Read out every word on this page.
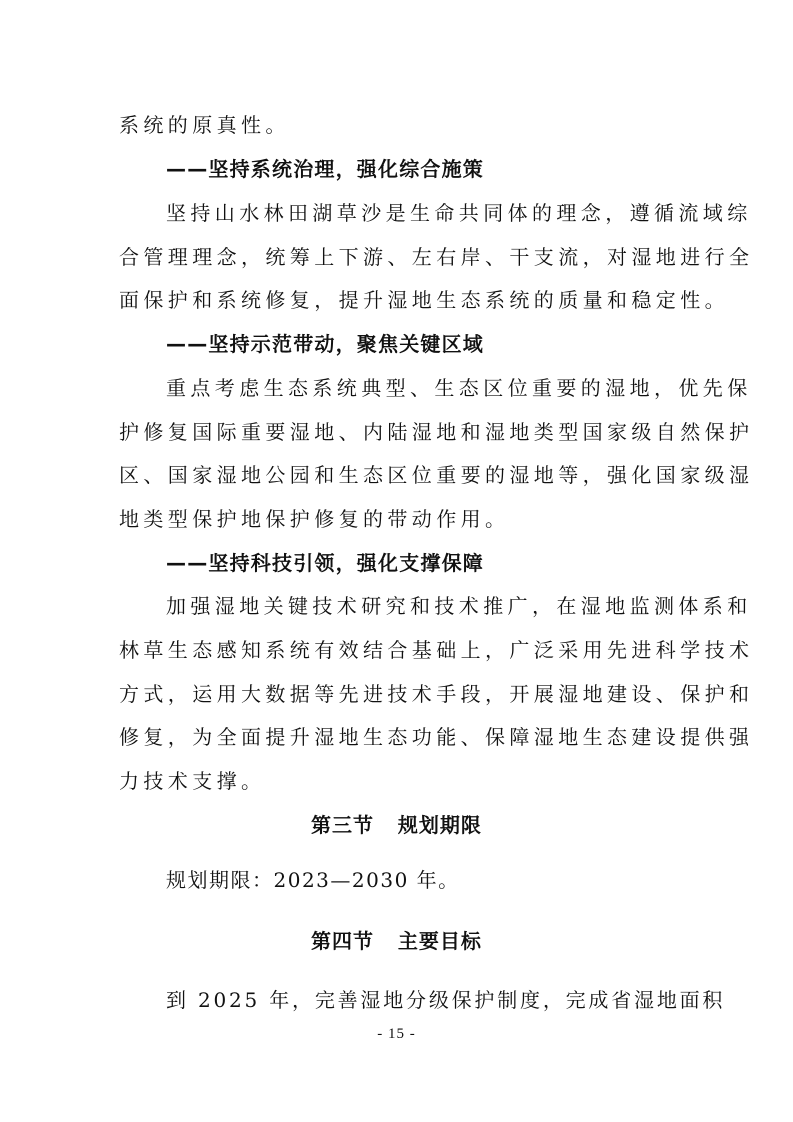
系统的原真性。
——坚持系统治理，强化综合施策
坚持山水林田湖草沙是生命共同体的理念，遵循流域综
合管理理念，统筹上下游、左右岸、干支流，对湿地进行全
面保护和系统修复，提升湿地生态系统的质量和稳定性。
——坚持示范带动，聚焦关键区域
重点考虑生态系统典型、生态区位重要的湿地，优先保
护修复国际重要湿地、内陆湿地和湿地类型国家级自然保护
区、国家湿地公园和生态区位重要的湿地等，强化国家级湿
地类型保护地保护修复的带动作用。
——坚持科技引领，强化支撑保障
加强湿地关键技术研究和技术推广，在湿地监测体系和
林草生态感知系统有效结合基础上，广泛采用先进科学技术
方式，运用大数据等先进技术手段，开展湿地建设、保护和
修复，为全面提升湿地生态功能、保障湿地生态建设提供强
力技术支撑。
第三节   规划期限
规划期限：2023—2030 年。
第四节   主要目标
到 2025 年，完善湿地分级保护制度，完成省湿地面积
- 15 -
